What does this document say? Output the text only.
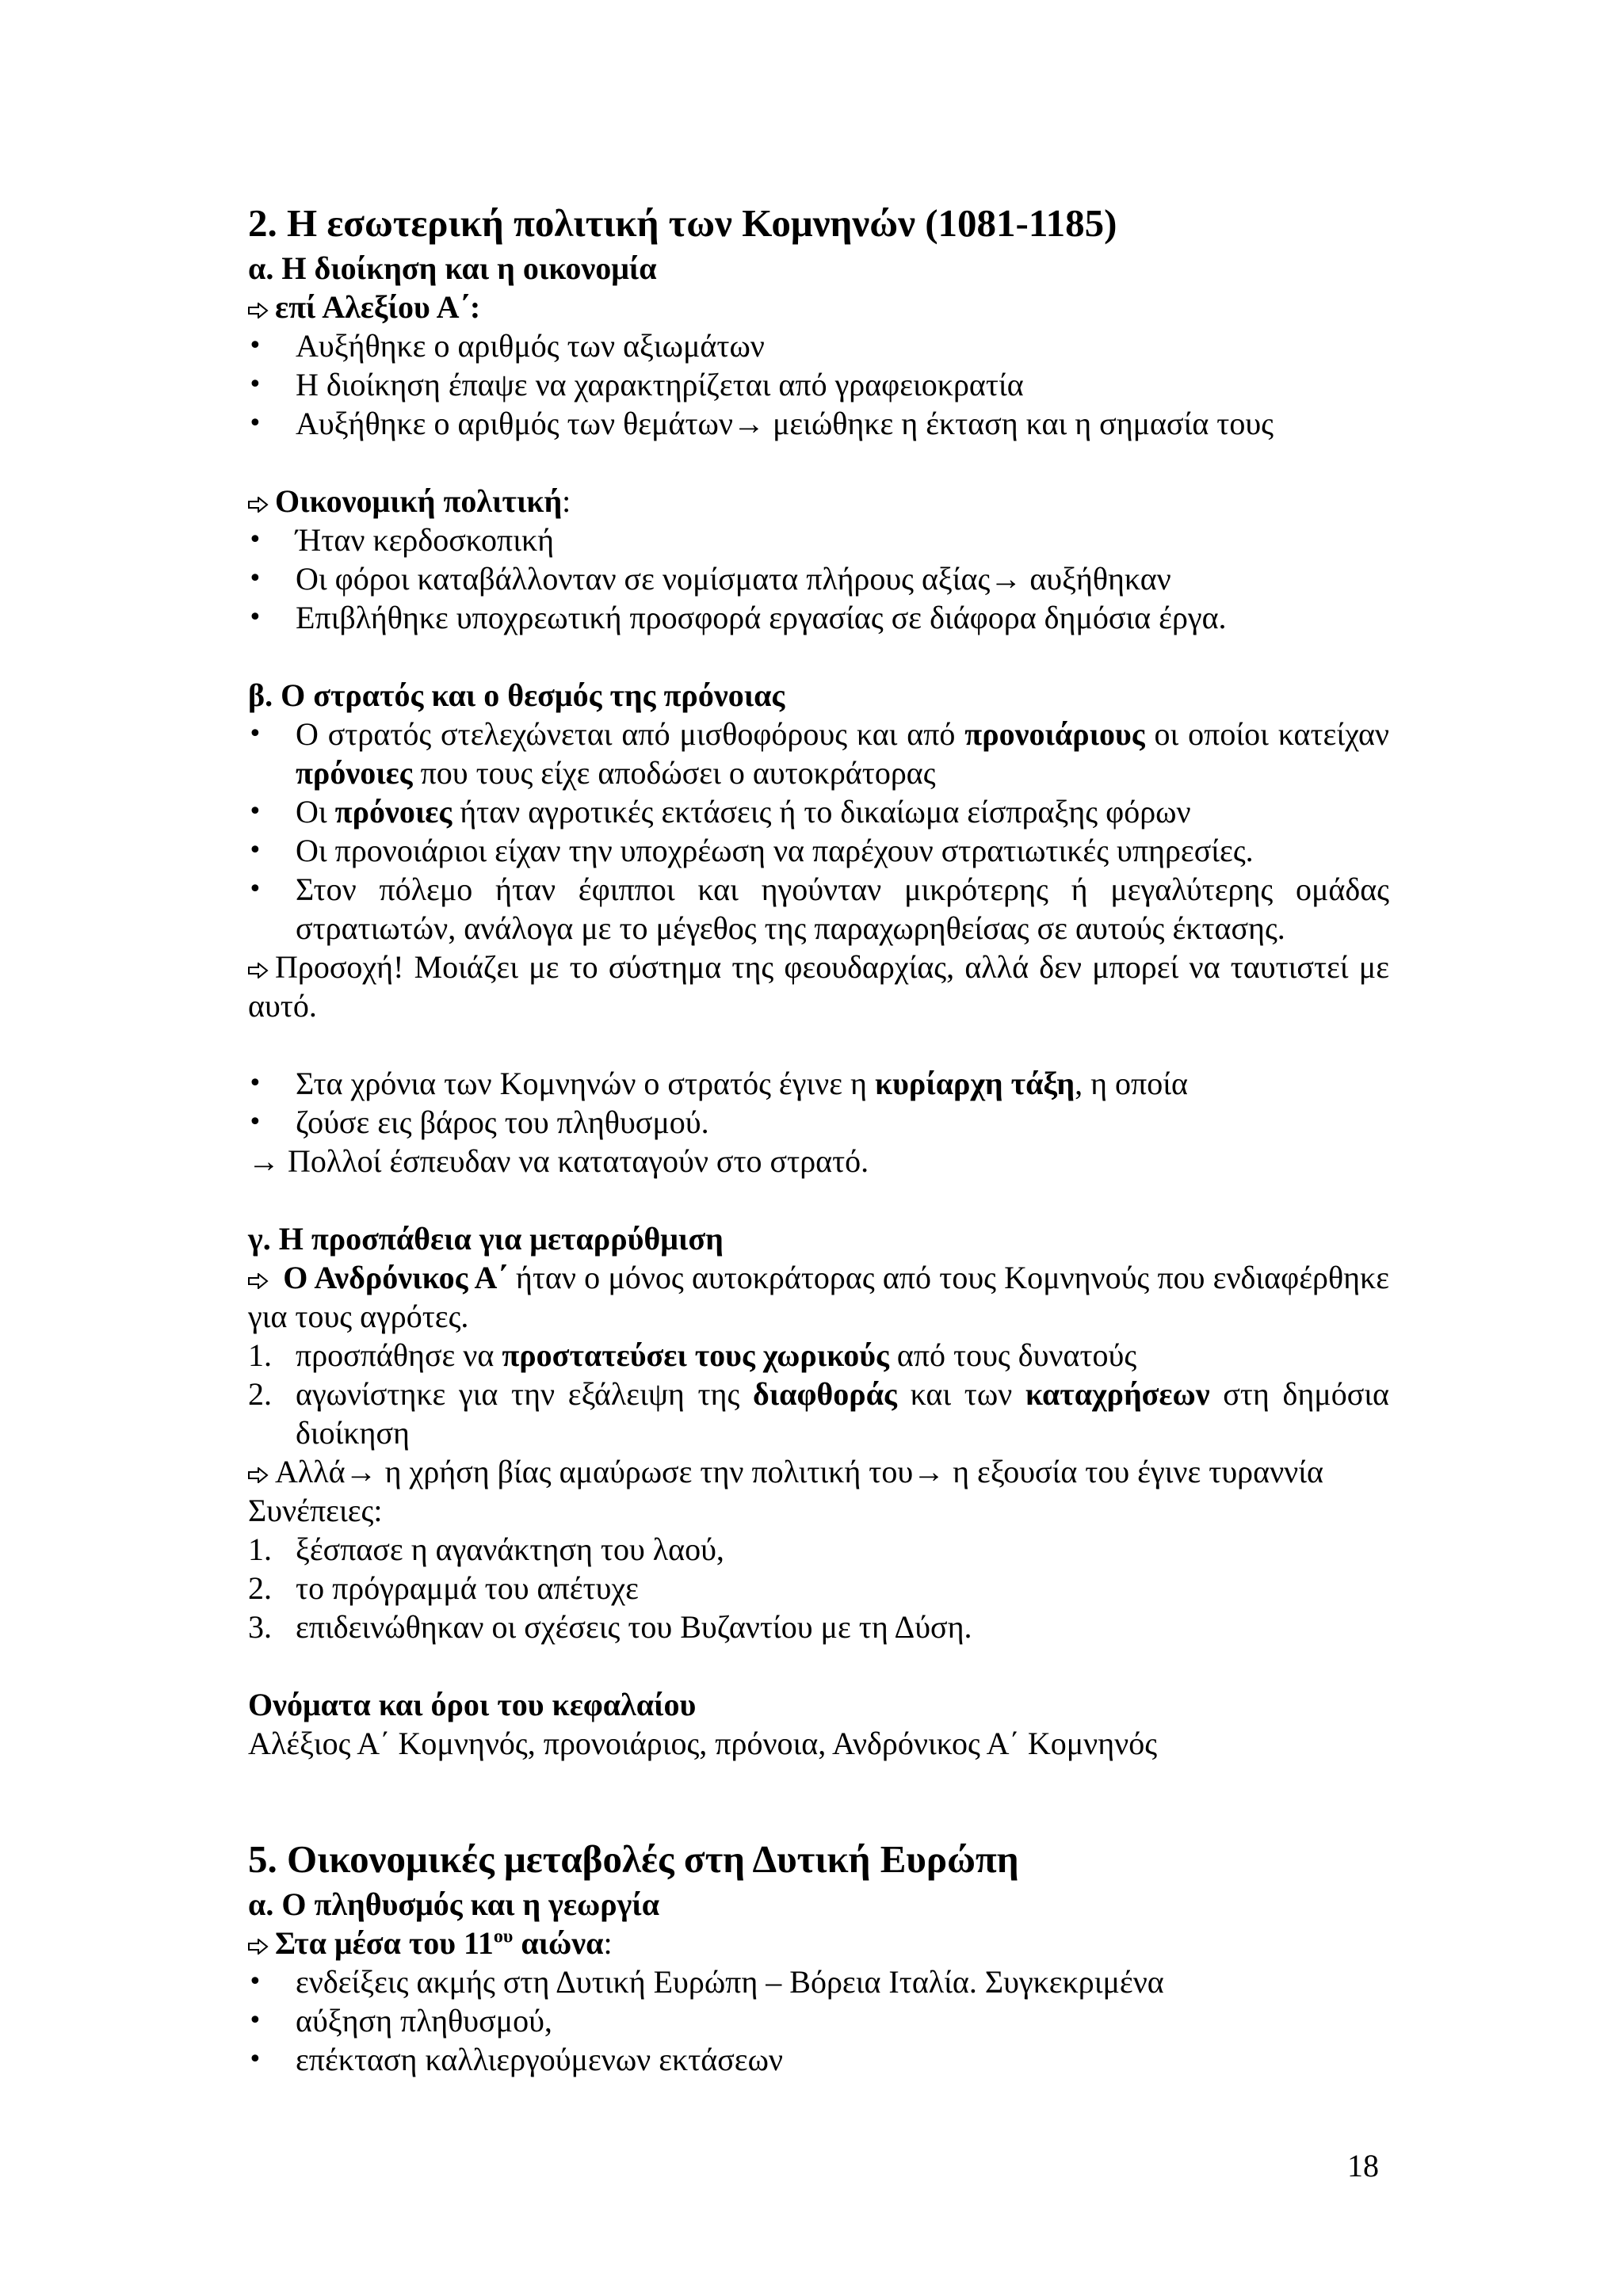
2. Η εσωτερική πολιτική των Κομνηνών (1081-1185)
α. Η διοίκηση και η οικονομία
επί Αλεξίου Α΄:
• Αυξήθηκε ο αριθμός των αξιωμάτων
• Η διοίκηση έπαψε να χαρακτηρίζεται από γραφειοκρατία
• Αυξήθηκε ο αριθμός των θεμάτων→ μειώθηκε η έκταση και η σημασία τους
Οικονομική πολιτική:
• Ήταν κερδοσκοπική
• Οι φόροι καταβάλλονταν σε νομίσματα πλήρους αξίας→ αυξήθηκαν
• Επιβλήθηκε υποχρεωτική προσφορά εργασίας σε διάφορα δημόσια έργα.
β. Ο στρατός και ο θεσμός της πρόνοιας
• Ο στρατός στελεχώνεται από μισθοφόρους και από προνοιάριους οι οποίοι κατείχαν πρόνοιες που τους είχε αποδώσει ο αυτοκράτορας
• Οι πρόνοιες ήταν αγροτικές εκτάσεις ή το δικαίωμα είσπραξης φόρων
• Οι προνοιάριοι είχαν την υποχρέωση να παρέχουν στρατιωτικές υπηρεσίες.
• Στον πόλεμο ήταν έφιπποι και ηγούνταν μικρότερης ή μεγαλύτερης ομάδας στρατιωτών, ανάλογα με το μέγεθος της παραχωρηθείσας σε αυτούς έκτασης.
Προσοχή! Μοιάζει με το σύστημα της φεουδαρχίας, αλλά δεν μπορεί να ταυτιστεί με αυτό.
• Στα χρόνια των Κομνηνών ο στρατός έγινε η κυρίαρχη τάξη, η οποία
• ζούσε εις βάρος του πληθυσμού.
→ Πολλοί έσπευδαν να καταταγούν στο στρατό.
γ. Η προσπάθεια για μεταρρύθμιση
Ο Ανδρόνικος Α΄ ήταν ο μόνος αυτοκράτορας από τους Κομνηνούς που ενδιαφέρθηκε για τους αγρότες.
1. προσπάθησε να προστατεύσει τους χωρικούς από τους δυνατούς
2. αγωνίστηκε για την εξάλειψη της διαφθοράς και των καταχρήσεων στη δημόσια διοίκηση
Αλλά→ η χρήση βίας αμαύρωσε την πολιτική του→ η εξουσία του έγινε τυραννία
Συνέπειες:
1. ξέσπασε η αγανάκτηση του λαού,
2. το πρόγραμμά του απέτυχε
3. επιδεινώθηκαν οι σχέσεις του Βυζαντίου με τη Δύση.
Ονόματα και όροι του κεφαλαίου
Αλέξιος Α΄ Κομνηνός, προνοιάριος, πρόνοια, Ανδρόνικος Α΄ Κομνηνός
5. Οικονομικές μεταβολές στη Δυτική Ευρώπη
α. Ο πληθυσμός και η γεωργία
Στα μέσα του $11^{o\upsilon}$ αιώνα:
• ενδείξεις ακμής στη Δυτική Ευρώπη – Βόρεια Ιταλία. Συγκεκριμένα
• αύξηση πληθυσμού,
• επέκταση καλλιεργούμενων εκτάσεων
18
